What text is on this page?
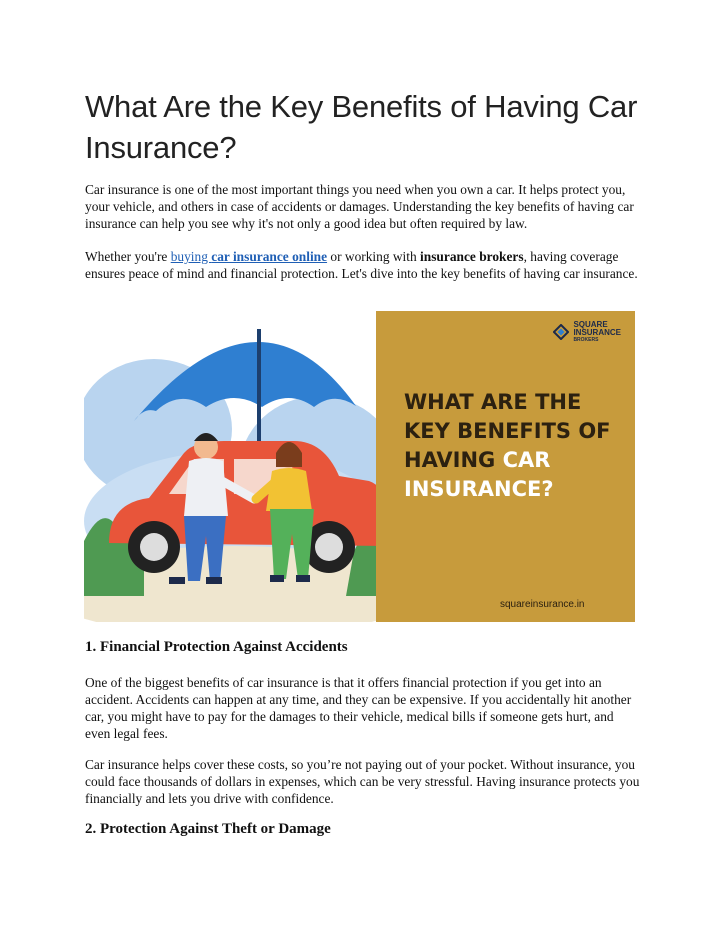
What Are the Key Benefits of Having Car Insurance?

Car insurance is one of the most important things you need when you own a car. It helps protect you, your vehicle, and others in case of accidents or damages. Understanding the key benefits of having car insurance can help you see why it's not only a good idea but often required by law.

Whether you're buying car insurance online or working with insurance brokers, having coverage ensures peace of mind and financial protection. Let's dive into the key benefits of having car insurance.

SQUARE
INSURANCE
BROKERS
WHAT ARE THE
KEY BENEFITS OF
HAVING CAR
INSURANCE?
squareinsurance.in
1. Financial Protection Against Accidents

One of the biggest benefits of car insurance is that it offers financial protection if you get into an accident. Accidents can happen at any time, and they can be expensive. If you accidentally hit another car, you might have to pay for the damages to their vehicle, medical bills if someone gets hurt, and even legal fees.

Car insurance helps cover these costs, so you’re not paying out of your pocket. Without insurance, you could face thousands of dollars in expenses, which can be very stressful. Having insurance protects you financially and lets you drive with confidence.

2. Protection Against Theft or Damage
